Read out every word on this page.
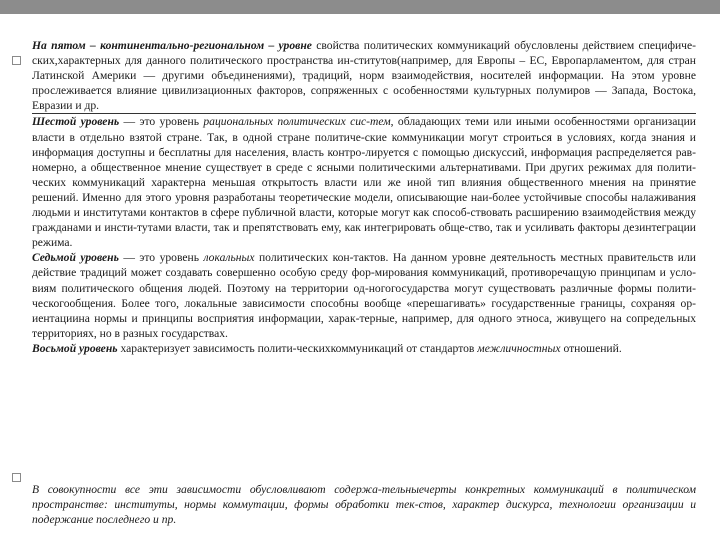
На пятом – континентально-региональном – уровне свойства политических коммуникаций обусловлены действием специфиче-ских,характерных для данного политического пространства ин-ститутов(например, для Европы – ЕС, Европарламентом, для стран Латинской Америки — другими объединениями), традиций, норм взаимодействия, носителей информации. На этом уровне прослеживается влияние цивилизационных факторов, сопряженных с особенностями культурных полумиров — Запада, Востока, Евразии и др.

Шестой уровень — это уровень рациональных политических сис-тем, обладающих теми или иными особенностями организации власти в отдельно взятой стране. Так, в одной стране политиче-ские коммуникации могут строиться в условиях, когда знания и информация доступны и бесплатны для населения, власть контро-лируется с помощью дискуссий, информация распределяется рав-номерно, а общественное мнение существует в среде с ясными политическими альтернативами. При других режимах для полити-ческих коммуникаций характерна меньшая открытость власти или же иной тип влияния общественного мнения на принятие решений. Именно для этого уровня разработаны теоретические модели, описывающие наи-более устойчивые способы налаживания людьми и институтами контактов в сфере публичной власти, которые могут как способ-ствовать расширению взаимодействия между гражданами и инсти-тутами власти, так и препятствовать ему, как интегрировать обще-ство, так и усиливать факторы дезинтеграции режима.

Седьмой уровень — это уровень локальных политических кон-тактов. На данном уровне деятельность местных правительств или действие традиций может создавать совершенно особую среду фор-мирования коммуникаций, противоречащую принципам и усло-виям политического общения людей. Поэтому на территории од-ногогосударства могут существовать различные формы полити-ческогообщения. Более того, локальные зависимости способны вообще «перешагивать» государственные границы, сохраняя ор-иентациина нормы и принципы восприятия информации, харак-терные, например, для одного этноса, живущего на сопредельных территориях, но в разных государствах.

Восьмой уровень характеризует зависимость полити-ческихкоммуникаций от стандартов межличностных отношений.

В совокупности все эти зависимости обусловливают содержа-тельныечерты конкретных коммуникаций в политическом пространстве: институты, нормы коммутации, формы обработки тек-стов, характер дискурса, технологии организации и подержание последнего и пр.
